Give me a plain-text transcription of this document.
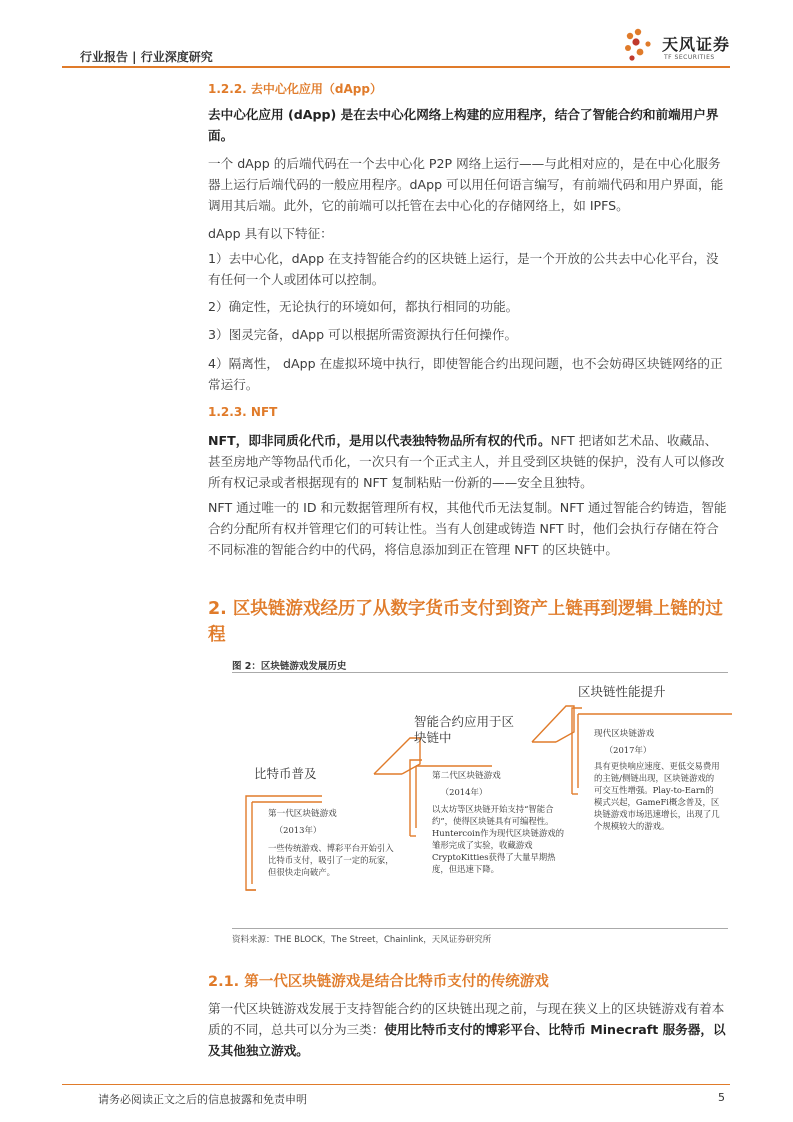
行业报告 | 行业深度研究
天风证券
TF SECURITIES
1.2.2. 去中心化应用（dApp）
去中心化应用 (dApp) 是在去中心化网络上构建的应用程序，结合了智能合约和前端用户界面。
一个 dApp 的后端代码在一个去中心化 P2P 网络上运行——与此相对应的，是在中心化服务器上运行后端代码的一般应用程序。dApp 可以用任何语言编写，有前端代码和用户界面，能调用其后端。此外，它的前端可以托管在去中心化的存储网络上，如 IPFS。
dApp 具有以下特征：
1）去中心化，dApp 在支持智能合约的区块链上运行，是一个开放的公共去中心化平台，没有任何一个人或团体可以控制。
2）确定性，无论执行的环境如何，都执行相同的功能。
3）图灵完备，dApp 可以根据所需资源执行任何操作。
4）隔离性， dApp 在虚拟环境中执行，即使智能合约出现问题，也不会妨碍区块链网络的正常运行。
1.2.3. NFT
NFT，即非同质化代币，是用以代表独特物品所有权的代币。NFT 把诸如艺术品、收藏品、甚至房地产等物品代币化，一次只有一个正式主人，并且受到区块链的保护，没有人可以修改所有权记录或者根据现有的 NFT 复制粘贴一份新的——安全且独特。
NFT 通过唯一的 ID 和元数据管理所有权，其他代币无法复制。NFT 通过智能合约铸造，智能合约分配所有权并管理它们的可转让性。当有人创建或铸造 NFT 时，他们会执行存储在符合不同标准的智能合约中的代码，将信息添加到正在管理 NFT 的区块链中。
2. 区块链游戏经历了从数字货币支付到资产上链再到逻辑上链的过程
图 2：区块链游戏发展历史
比特币普及
智能合约应用于区块链中
区块链性能提升
第一代区块链游戏
（2013年）
一些传统游戏、博彩平台开始引入比特币支付，吸引了一定的玩家，但很快走向破产。
第二代区块链游戏
（2014年）
以太坊等区块链开始支持“智能合约”，使得区块链具有可编程性。Huntercoin作为现代区块链游戏的雏形完成了实验，收藏游戏CryptoKitties获得了大量早期热度，但迅速下降。
现代区块链游戏
（2017年）
具有更快响应速度、更低交易费用的主链/侧链出现，区块链游戏的可交互性增强。Play-to-Earn的模式兴起，GameFi概念普及，区块链游戏市场迅速增长，出现了几个规模较大的游戏。
资料来源：THE BLOCK，The Street，Chainlink，天风证券研究所
2.1. 第一代区块链游戏是结合比特币支付的传统游戏
第一代区块链游戏发展于支持智能合约的区块链出现之前，与现在狭义上的区块链游戏有着本质的不同，总共可以分为三类：使用比特币支付的博彩平台、比特币 Minecraft 服务器，以及其他独立游戏。
请务必阅读正文之后的信息披露和免责申明	5
